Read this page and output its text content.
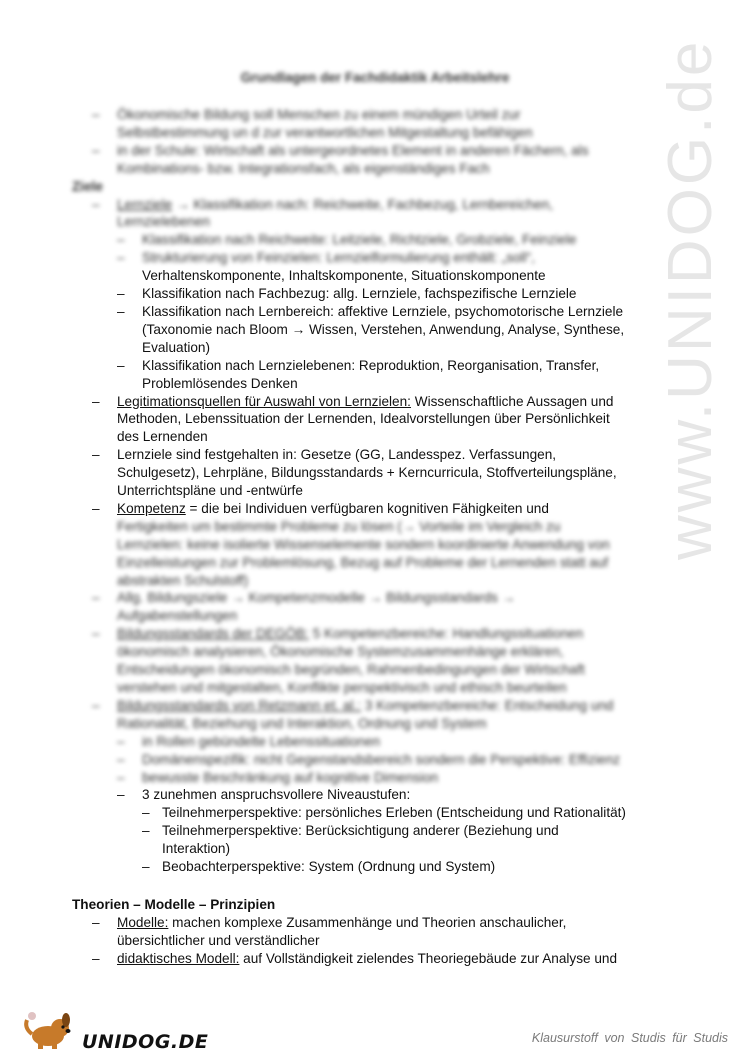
www.UNIDOG.de
Grundlagen der Fachdidaktik Arbeitslehre
– Ökonomische Bildung soll Menschen zu einem mündigen Urteil zur
Selbstbestimmung un d zur verantwortlichen Mitgestaltung befähigen
– in der Schule: Wirtschaft als untergeordnetes Element in anderen Fächern, als
Kombinations- bzw. Integrationsfach, als eigenständiges Fach
Ziele
– Lernziele → Klassifikation nach: Reichweite, Fachbezug, Lernbereichen,
Lernzielebenen
– Klassifikation nach Reichweite: Leitziele, Richtziele, Grobziele, Feinziele
– Strukturierung von Feinzielen: Lernzielformulierung enthält: „soll“,
Verhaltenskomponente, Inhaltskomponente, Situationskomponente
– Klassifikation nach Fachbezug: allg. Lernziele, fachspezifische Lernziele
– Klassifikation nach Lernbereich: affektive Lernziele, psychomotorische Lernziele
(Taxonomie nach Bloom → Wissen, Verstehen, Anwendung, Analyse, Synthese,
Evaluation)
– Klassifikation nach Lernzielebenen: Reproduktion, Reorganisation, Transfer,
Problemlösendes Denken
– Legitimationsquellen für Auswahl von Lernzielen: Wissenschaftliche Aussagen und
Methoden, Lebenssituation der Lernenden, Idealvorstellungen über Persönlichkeit
des Lernenden
– Lernziele sind festgehalten in: Gesetze (GG, Landesspez. Verfassungen,
Schulgesetz), Lehrpläne, Bildungsstandards + Kerncurricula, Stoffverteilungspläne,
Unterrichtspläne und -entwürfe
– Kompetenz = die bei Individuen verfügbaren kognitiven Fähigkeiten und
Fertigkeiten um bestimmte Probleme zu lösen (→ Vorteile im Vergleich zu
Lernzielen: keine isolierte Wissenselemente sondern koordinierte Anwendung von
Einzelleistungen zur Problemlösung, Bezug auf Probleme der Lernenden statt auf
abstrakten Schulstoff)
– Allg. Bildungsziele → Kompetenzmodelle → Bildungsstandards →
Aufgabenstellungen
– Bildungsstandards der DEGÖB: 5 Kompetenzbereiche: Handlungssituationen
ökonomisch analysieren, Ökonomische Systemzusammenhänge erklären,
Entscheidungen ökonomisch begründen, Rahmenbedingungen der Wirtschaft
verstehen und mitgestalten, Konflikte perspektivisch und ethisch beurteilen
– Bildungsstandards von Retzmann et. al.: 3 Kompetenzbereiche: Entscheidung und
Rationalität, Beziehung und Interaktion, Ordnung und System
– in Rollen gebündelte Lebenssituationen
– Domänenspezifik: nicht Gegenstandsbereich sondern die Perspektive: Effizienz
– bewusste Beschränkung auf kognitive Dimension
– 3 zunehmen anspruchsvollere Niveaustufen:
– Teilnehmerperspektive: persönliches Erleben (Entscheidung und Rationalität)
– Teilnehmerperspektive: Berücksichtigung anderer (Beziehung und
Interaktion)
– Beobachterperspektive: System (Ordnung und System)
Theorien – Modelle – Prinzipien
– Modelle: machen komplexe Zusammenhänge und Theorien anschaulicher,
übersichtlicher und verständlicher
– didaktisches Modell: auf Vollständigkeit zielendes Theoriegebäude zur Analyse und
UNIDOG.DE	Klausurstoff von Studis für Studis
